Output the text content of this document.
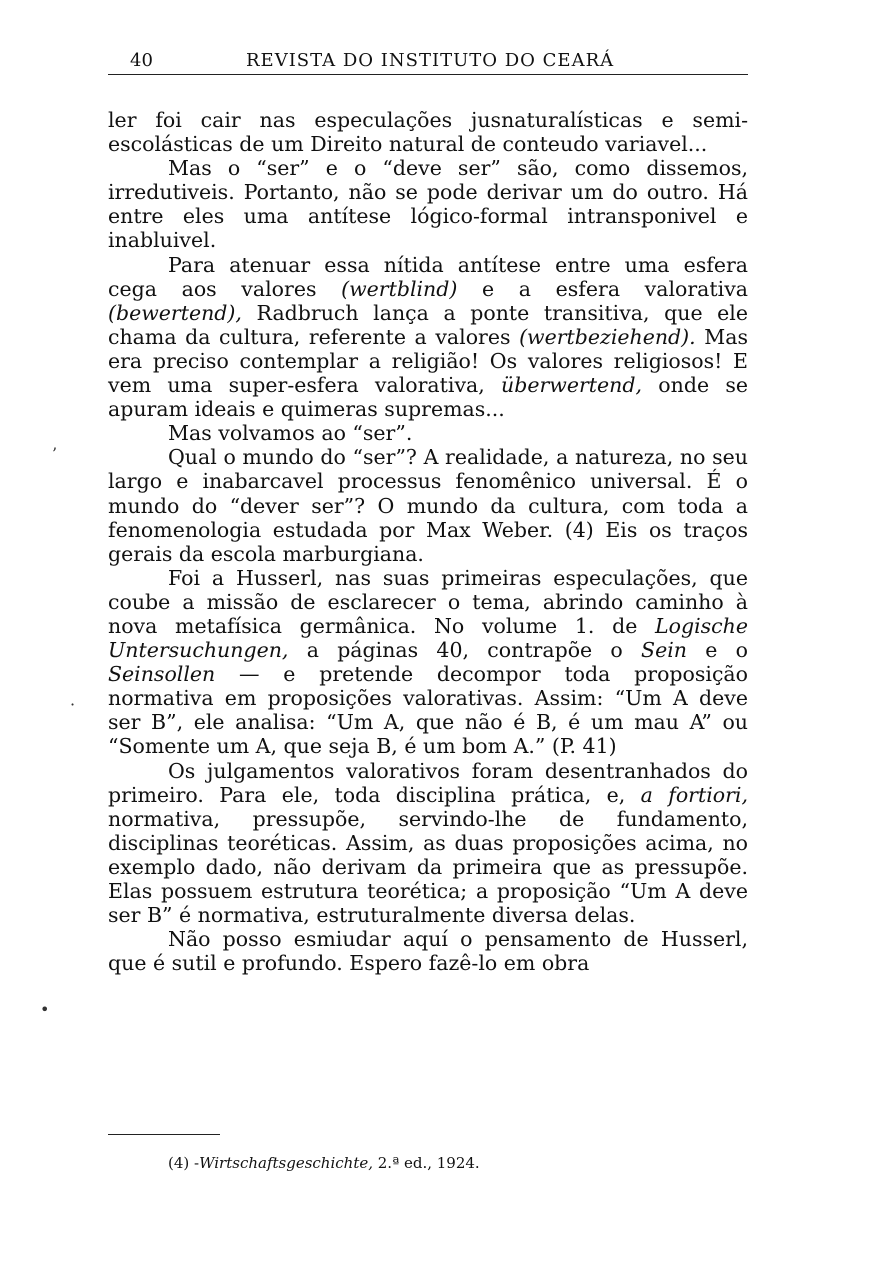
40	REVISTA DO INSTITUTO DO CEARÁ

ler foi cair nas especulações jusnaturalísticas e semi-escolásticas de um Direito natural de conteudo variavel...

Mas o “ser” e o “deve ser” são, como dissemos, irredutiveis. Portanto, não se pode derivar um do outro. Há entre eles uma antítese lógico-formal intransponivel e inabluivel.

Para atenuar essa nítida antítese entre uma esfera cega aos valores (wertblind) e a esfera valorativa (bewertend), Radbruch lança a ponte transitiva, que ele chama da cultura, referente a valores (wertbeziehend). Mas era preciso contemplar a religião! Os valores religiosos! E vem uma super-esfera valorativa, überwertend, onde se apuram ideais e quimeras supremas...

Mas volvamos ao “ser”.

Qual o mundo do “ser”? A realidade, a natureza, no seu largo e inabarcavel processus fenomênico universal. É o mundo do “dever ser”? O mundo da cultura, com toda a fenomenologia estudada por Max Weber. (4) Eis os traços gerais da escola marburgiana.

Foi a Husserl, nas suas primeiras especulações, que coube a missão de esclarecer o tema, abrindo caminho à nova metafísica germânica. No volume 1. de Logische Untersuchungen, a páginas 40, contrapõe o Sein e o Seinsollen — e pretende decompor toda proposição normativa em proposições valorativas. Assim: “Um A deve ser B”, ele analisa: “Um A, que não é B, é um mau A” ou “Somente um A, que seja B, é um bom A.” (P. 41)

Os julgamentos valorativos foram desentranhados do primeiro. Para ele, toda disciplina prática, e, a fortiori, normativa, pressupõe, servindo-lhe de fundamento, disciplinas teoréticas. Assim, as duas proposições acima, no exemplo dado, não derivam da primeira que as pressupõe. Elas possuem estrutura teorética; a proposição “Um A deve ser B” é normativa, estruturalmente diversa delas.

Não posso esmiudar aquí o pensamento de Husserl, que é sutil e profundo. Espero fazê-lo em obra

’
·
•
(4) -Wirtschaftsgeschichte, 2.ª ed., 1924.
